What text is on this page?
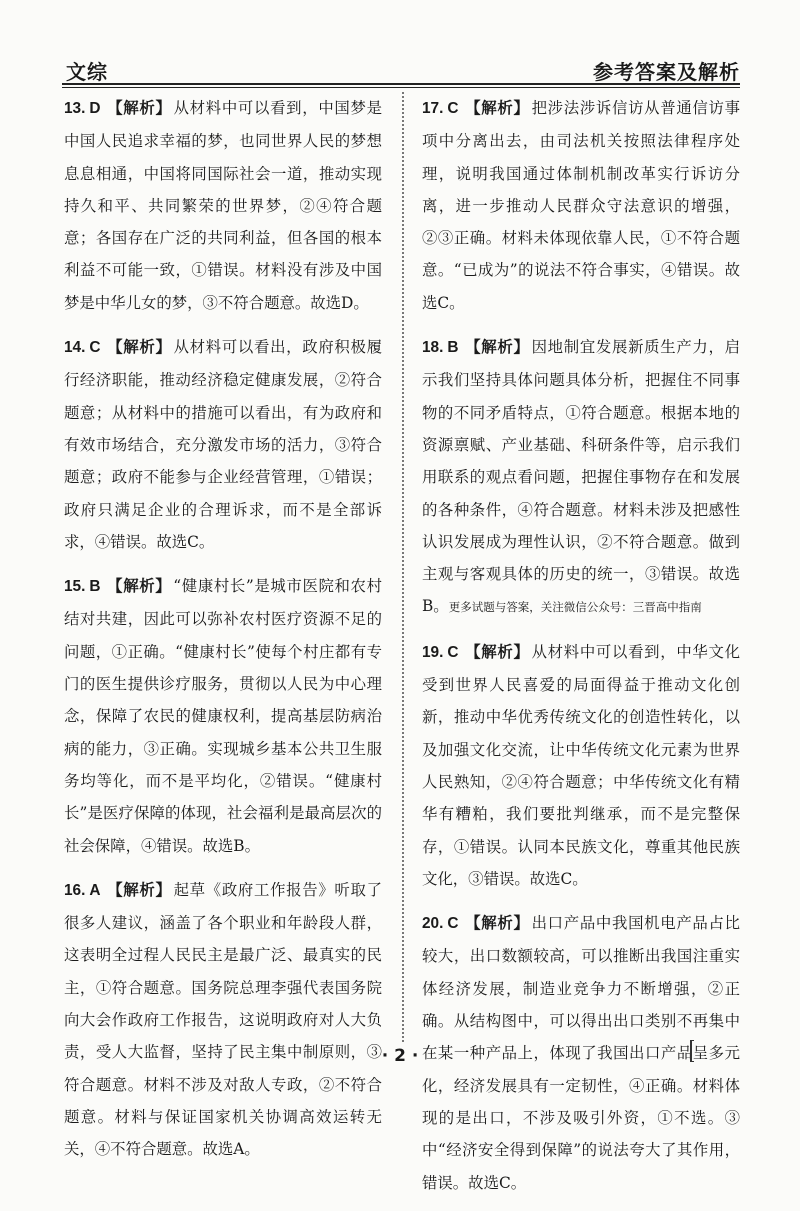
文综	参考答案及解析

13. D 【解析】 从材料中可以看到，中国梦是中国人民追求幸福的梦，也同世界人民的梦想息息相通，中国将同国际社会一道，推动实现持久和平、共同繁荣的世界梦，②④符合题意；各国存在广泛的共同利益，但各国的根本利益不可能一致，①错误。材料没有涉及中国梦是中华儿女的梦，③不符合题意。故选D。

14. C 【解析】 从材料可以看出，政府积极履行经济职能，推动经济稳定健康发展，②符合题意；从材料中的措施可以看出，有为政府和有效市场结合，充分激发市场的活力，③符合题意；政府不能参与企业经营管理，①错误；政府只满足企业的合理诉求，而不是全部诉求，④错误。故选C。

15. B 【解析】 “健康村长”是城市医院和农村结对共建，因此可以弥补农村医疗资源不足的问题，①正确。“健康村长”使每个村庄都有专门的医生提供诊疗服务，贯彻以人民为中心理念，保障了农民的健康权利，提高基层防病治病的能力，③正确。实现城乡基本公共卫生服务均等化，而不是平均化，②错误。“健康村长”是医疗保障的体现，社会福利是最高层次的社会保障，④错误。故选B。

16. A 【解析】 起草《政府工作报告》听取了很多人建议，涵盖了各个职业和年龄段人群，这表明全过程人民民主是最广泛、最真实的民主，①符合题意。国务院总理李强代表国务院向大会作政府工作报告，这说明政府对人大负责，受人大监督，坚持了民主集中制原则，③符合题意。材料不涉及对敌人专政，②不符合题意。材料与保证国家机关协调高效运转无关，④不符合题意。故选A。

17. C 【解析】 把涉法涉诉信访从普通信访事项中分离出去，由司法机关按照法律程序处理，说明我国通过体制机制改革实行诉访分离，进一步推动人民群众守法意识的增强，②③正确。材料未体现依靠人民，①不符合题意。“已成为”的说法不符合事实，④错误。故选C。

18. B 【解析】 因地制宜发展新质生产力，启示我们坚持具体问题具体分析，把握住不同事物的不同矛盾特点，①符合题意。根据本地的资源禀赋、产业基础、科研条件等，启示我们用联系的观点看问题，把握住事物存在和发展的各种条件，④符合题意。材料未涉及把感性认识发展成为理性认识，②不符合题意。做到主观与客观具体的历史的统一，③错误。故选B。更多试题与答案，关注微信公众号：三晋高中指南

19. C 【解析】 从材料中可以看到，中华文化受到世界人民喜爱的局面得益于推动文化创新，推动中华优秀传统文化的创造性转化，以及加强文化交流，让中华传统文化元素为世界人民熟知，②④符合题意；中华传统文化有精华有糟粕，我们要批判继承，而不是完整保存，①错误。认同本民族文化，尊重其他民族文化，③错误。故选C。

20. C 【解析】 出口产品中我国机电产品占比较大，出口数额较高，可以推断出我国注重实体经济发展，制造业竞争力不断增强，②正确。从结构图中，可以得出出口类别不再集中在某一种产品上，体现了我国出口产品呈多元化，经济发展具有一定韧性，④正确。材料体现的是出口，不涉及吸引外资，①不选。③中“经济安全得到保障”的说法夸大了其作用，错误。故选C。

· 2 ·
